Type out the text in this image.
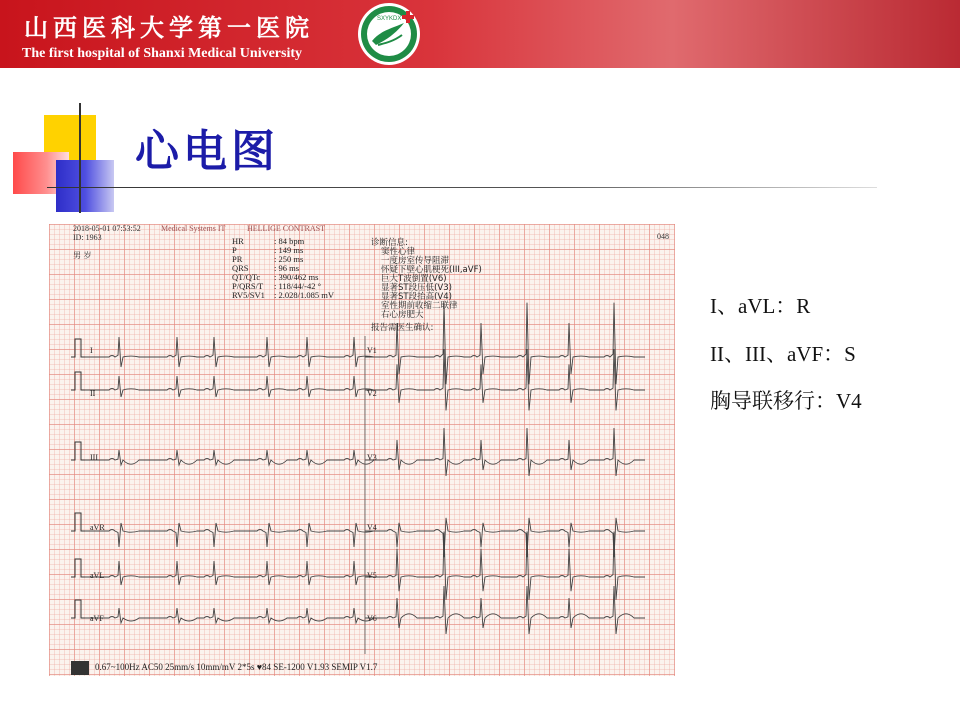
山西医科大学第一医院
The first hospital of Shanxi Medical University
SXYKDX
心电图
2018-05-01 07:53:52	Medical Systems IT	HELLIGE CONTRAST
ID: 1963	048
男 岁
HR	: 84 bpm
P	: 149 ms
PR	: 250 ms
QRS	: 96 ms
QT/QTc : 390/462 ms
P/QRS/T : 118/44/-42 °
RV5/SV1 : 2.028/1.085 mV
诊断信息:
窦性心律
一度房室传导阻滞
怀疑下壁心肌梗死(III,aVF)
巨大T波倒置(V6)
显著ST段压低(V3)
显著ST段抬高(V4)
室性期前收缩二联律
右心房肥大
报告需医生确认:
I
II
III
aVR
aVL
aVF
V1
V2
V3
V4
V5
V6
0.67~100Hz AC50 25mm/s 10mm/mV 2*5s ♥84 SE-1200 V1.93 SEMIP V1.7
I、aVL：R
II、III、aVF：S
胸导联移行：V4
